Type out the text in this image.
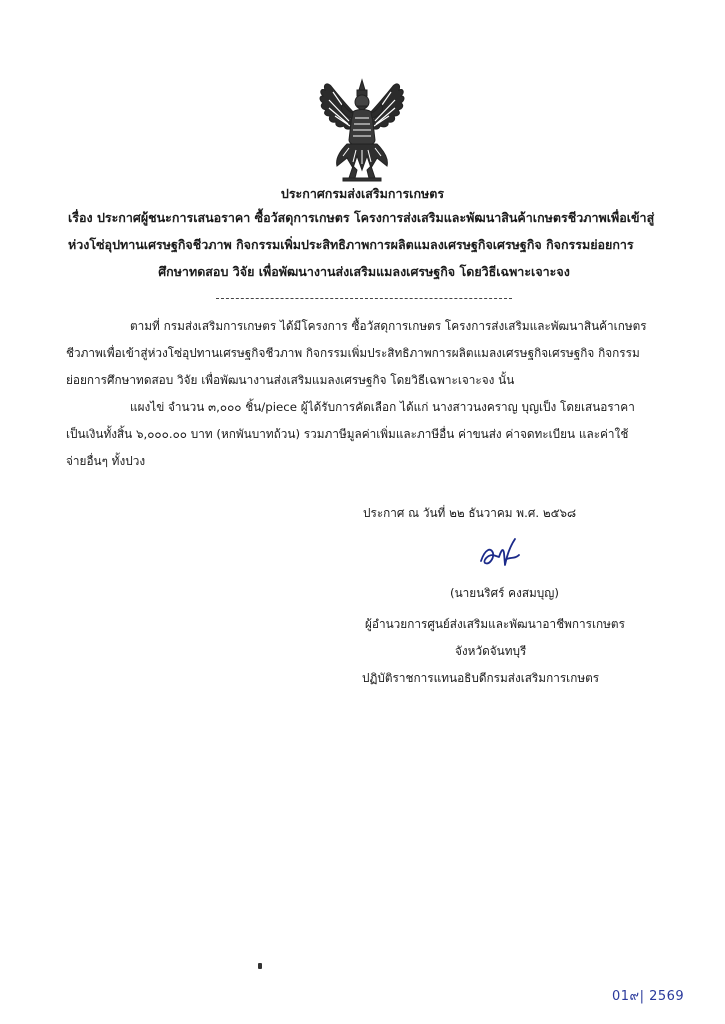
ประกาศกรมส่งเสริมการเกษตร
เรื่อง ประกาศผู้ชนะการเสนอราคา ซื้อวัสดุการเกษตร โครงการส่งเสริมและพัฒนาสินค้าเกษตรชีวภาพเพื่อเข้าสู่
ห่วงโซ่อุปทานเศรษฐกิจชีวภาพ กิจกรรมเพิ่มประสิทธิภาพการผลิตแมลงเศรษฐกิจเศรษฐกิจ กิจกรรมย่อยการ
ศึกษาทดสอบ วิจัย เพื่อพัฒนางานส่งเสริมแมลงเศรษฐกิจ โดยวิธีเฉพาะเจาะจง
ตามที่ กรมส่งเสริมการเกษตร ได้มีโครงการ ซื้อวัสดุการเกษตร โครงการส่งเสริมและพัฒนาสินค้าเกษตร
ชีวภาพเพื่อเข้าสู่ห่วงโซ่อุปทานเศรษฐกิจชีวภาพ กิจกรรมเพิ่มประสิทธิภาพการผลิตแมลงเศรษฐกิจเศรษฐกิจ กิจกรรม
ย่อยการศึกษาทดสอบ วิจัย เพื่อพัฒนางานส่งเสริมแมลงเศรษฐกิจ โดยวิธีเฉพาะเจาะจง นั้น
แผงไข่ จำนวน ๓,๐๐๐ ชิ้น/piece ผู้ได้รับการคัดเลือก ได้แก่ นางสาวนงคราญ บุญเป็ง โดยเสนอราคา
เป็นเงินทั้งสิ้น ๖,๐๐๐.๐๐ บาท (หกพันบาทถ้วน) รวมภาษีมูลค่าเพิ่มและภาษีอื่น ค่าขนส่ง ค่าจดทะเบียน และค่าใช้
จ่ายอื่นๆ ทั้งปวง
ประกาศ ณ วันที่ ๒๒ ธันวาคม พ.ศ. ๒๕๖๘
(นายนริศร์ คงสมบุญ)
ผู้อำนวยการศูนย์ส่งเสริมและพัฒนาอาชีพการเกษตร
จังหวัดจันทบุรี
ปฏิบัติราชการแทนอธิบดีกรมส่งเสริมการเกษตร
01๙| 2569
